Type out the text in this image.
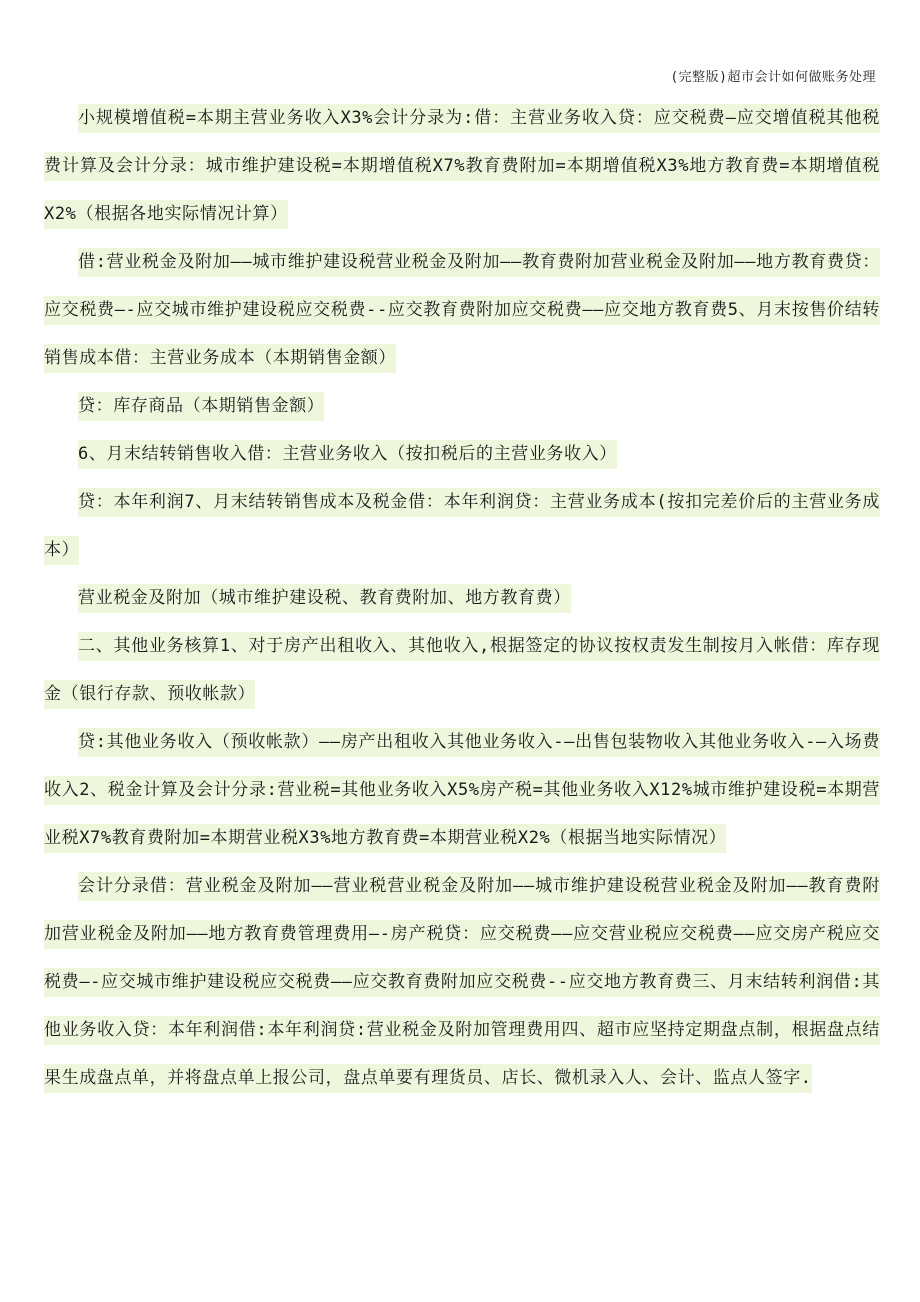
(完整版)超市会计如何做账务处理

小规模增值税=本期主营业务收入X3%会计分录为:借：主营业务收入贷：应交税费—应交增值税其他税费计算及会计分录：城市维护建设税=本期增值税X7%教育费附加=本期增值税X3%地方教育费=本期增值税X2%（根据各地实际情况计算）

借:营业税金及附加——城市维护建设税营业税金及附加——教育费附加营业税金及附加——地方教育费贷：应交税费—-应交城市维护建设税应交税费--应交教育费附加应交税费——应交地方教育费5、月末按售价结转销售成本借：主营业务成本（本期销售金额）

贷：库存商品（本期销售金额）

6、月末结转销售收入借：主营业务收入（按扣税后的主营业务收入）

贷：本年利润7、月末结转销售成本及税金借：本年利润贷：主营业务成本(按扣完差价后的主营业务成本）

营业税金及附加（城市维护建设税、教育费附加、地方教育费）

二、其他业务核算1、对于房产出租收入、其他收入,根据签定的协议按权责发生制按月入帐借：库存现金（银行存款、预收帐款）

贷:其他业务收入（预收帐款）——房产出租收入其他业务收入-—出售包装物收入其他业务收入-—入场费收入2、税金计算及会计分录:营业税=其他业务收入X5%房产税=其他业务收入X12%城市维护建设税=本期营业税X7%教育费附加=本期营业税X3%地方教育费=本期营业税X2%（根据当地实际情况）

会计分录借：营业税金及附加——营业税营业税金及附加——城市维护建设税营业税金及附加——教育费附加营业税金及附加——地方教育费管理费用—-房产税贷：应交税费——应交营业税应交税费——应交房产税应交税费—-应交城市维护建设税应交税费——应交教育费附加应交税费--应交地方教育费三、月末结转利润借:其他业务收入贷：本年利润借:本年利润贷:营业税金及附加管理费用四、超市应坚持定期盘点制，根据盘点结果生成盘点单，并将盘点单上报公司，盘点单要有理货员、店长、微机录入人、会计、监点人签字.
